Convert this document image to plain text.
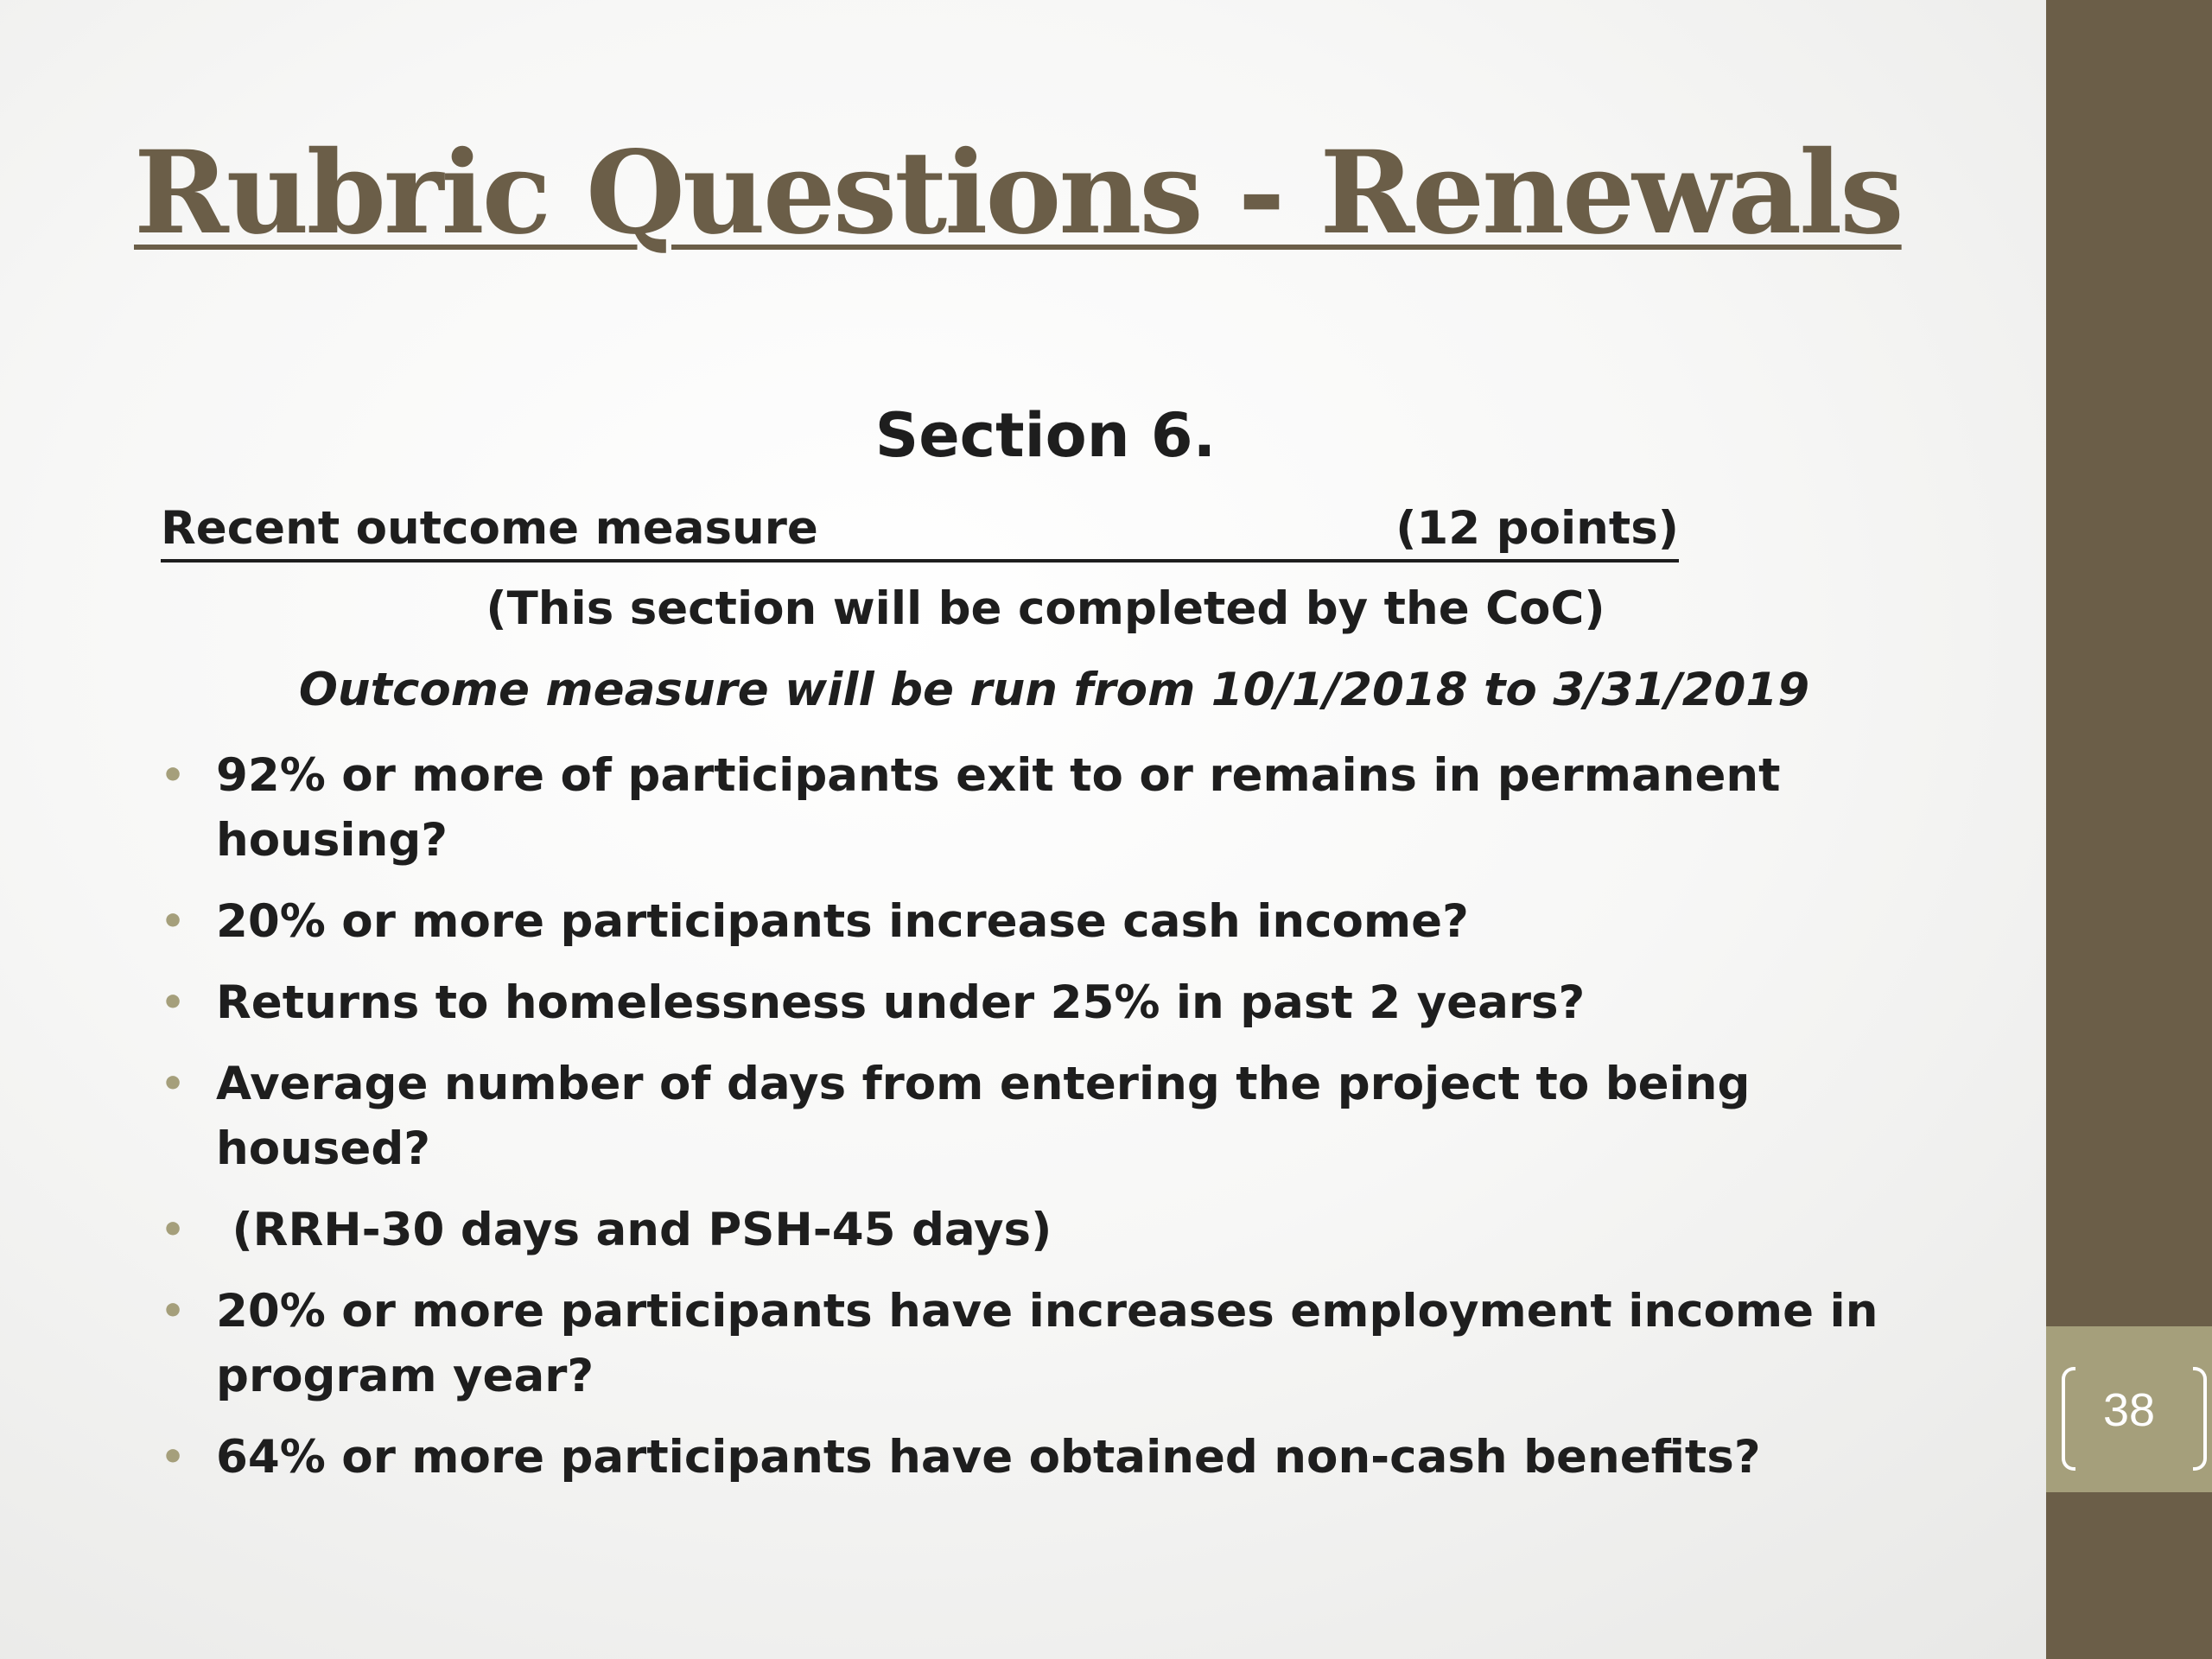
38
Rubric Questions - Renewals
Section 6.
Recent outcome measure	(12 points)
(This section will be completed by the CoC)
Outcome measure will be run from 10/1/2018 to 3/31/2019
• 92% or more of participants exit to or remains in permanent housing?
• 20% or more participants increase cash income?
• Returns to homelessness under 25% in past 2 years?
• Average number of days from entering the project to being housed?
• (RRH-30 days and PSH-45 days)
• 20% or more participants have increases employment income in program year?
• 64% or more participants have obtained non-cash benefits?
